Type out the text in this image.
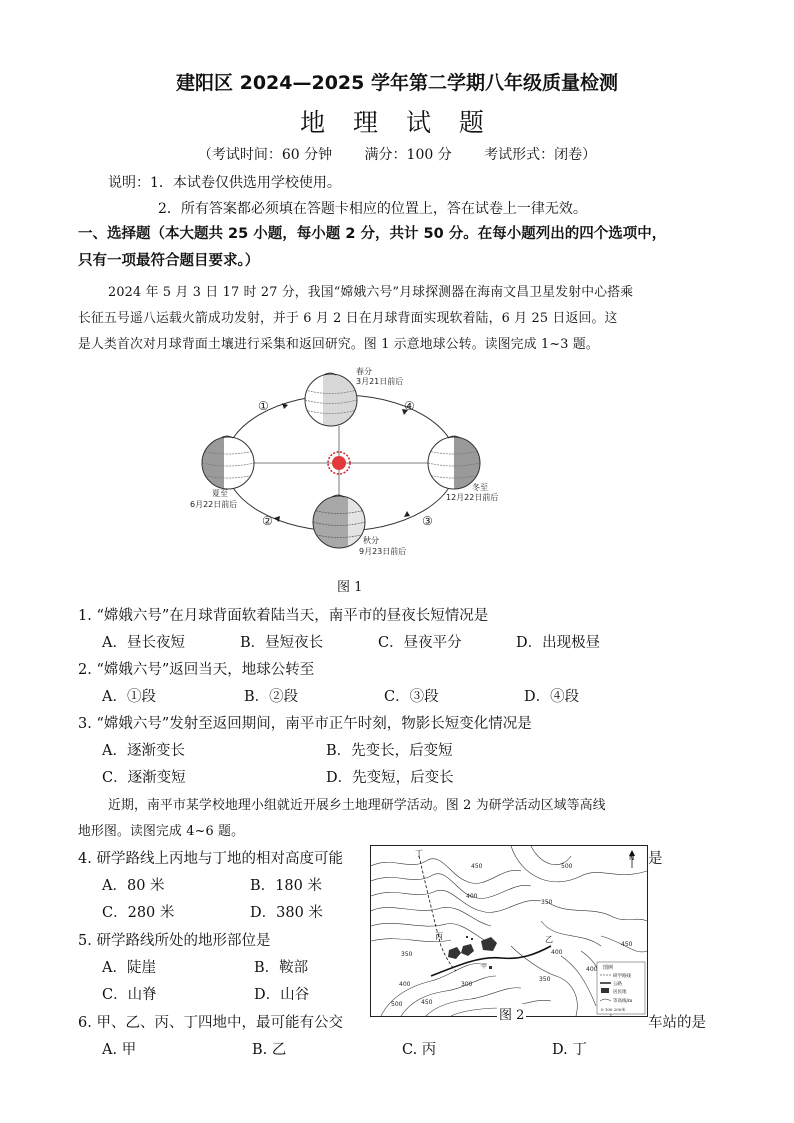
建阳区 2024—2025 学年第二学期八年级质量检测
地 理 试 题
（考试时间：60 分钟 满分：100 分 考试形式：闭卷）
说明：1．本试卷仅供选用学校使用。
2．所有答案都必须填在答题卡相应的位置上，答在试卷上一律无效。
一、选择题（本大题共 25 小题，每小题 2 分，共计 50 分。在每小题列出的四个选项中，
只有一项最符合题目要求。）
2024 年 5 月 3 日 17 时 27 分，我国“嫦娥六号”月球探测器在海南文昌卫星发射中心搭乘
长征五号遥八运载火箭成功发射，并于 6 月 2 日在月球背面实现软着陆，6 月 25 日返回。这
是人类首次对月球背面土壤进行采集和返回研究。图 1 示意地球公转。读图完成 1~3 题。
春分
3月21日前后
夏至
6月22日前后
秋分
9月23日前后
冬至
12月22日前后
①
②	③
④
图 1
1. “嫦娥六号”在月球背面软着陆当天，南平市的昼夜长短情况是
A．昼长夜短	B．昼短夜长	C．昼夜平分	D．出现极昼
2. “嫦娥六号”返回当天，地球公转至
A．①段	B．②段	C．③段	D．④段
3. “嫦娥六号”发射至返回期间，南平市正午时刻，物影长短变化情况是
A．逐渐变长	B．先变长，后变短
C．逐渐变短	D．先变短，后变长
近期，南平市某学校地理小组就近开展乡土地理研学活动。图 2 为研学活动区域等高线
地形图。读图完成 4~6 题。
4. 研学路线上丙地与丁地的相对高度可能	是
A．80 米	B．180 米
C．280 米	D．380 米
5. 研学路线所处的地形部位是
A．陡崖	B．鞍部
C．山脊	D．山谷
6. 甲、乙、丙、丁四地中，最可能有公交	车站的是
A. 甲	B. 乙	C. 丙	D. 丁
丁
丙
甲
乙
450	500
400
350
350
400
450
500
400
350
300
450
400
N
图例
研学路线
公路
居民地
等高线/m
0 100 200米
图 2
